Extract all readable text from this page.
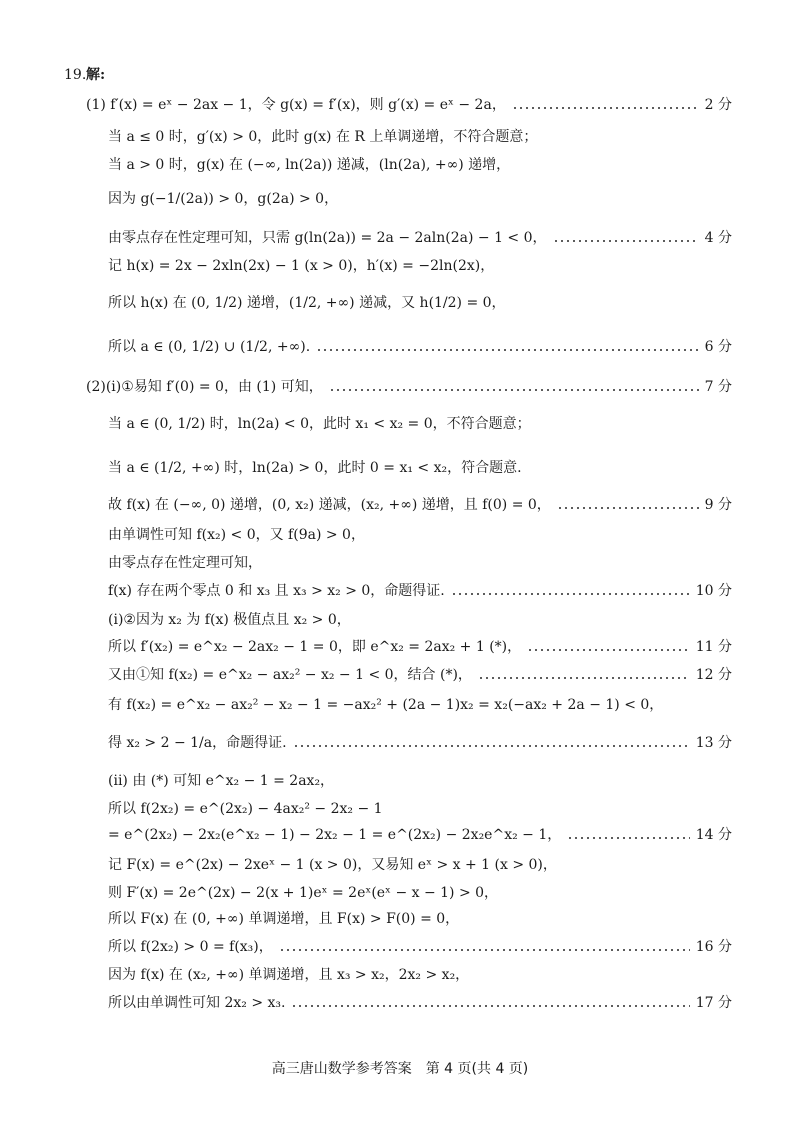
19. 解:
(1) f′(x) = eˣ − 2ax − 1，令 g(x) = f′(x)，则 g′(x) = eˣ − 2a，	2 分
当 a ≤ 0 时，g′(x) > 0，此时 g(x) 在 R 上单调递增，不符合题意；
当 a > 0 时，g(x) 在 (−∞, ln(2a)) 递减，(ln(2a), +∞) 递增，
因为 g(−1/(2a)) > 0，g(2a) > 0，
由零点存在性定理可知，只需 g(ln(2a)) = 2a − 2aln(2a) − 1 < 0，	4 分
记 h(x) = 2x − 2xln(2x) − 1 (x > 0)，h′(x) = −2ln(2x)，
所以 h(x) 在 (0, 1/2) 递增，(1/2, +∞) 递减，又 h(1/2) = 0，
所以 a ∈ (0, 1/2) ∪ (1/2, +∞).	6 分
(2)(i)①易知 f′(0) = 0，由 (1) 可知，	7 分
当 a ∈ (0, 1/2) 时，ln(2a) < 0，此时 x₁ < x₂ = 0，不符合题意；
当 a ∈ (1/2, +∞) 时，ln(2a) > 0，此时 0 = x₁ < x₂，符合题意.
故 f(x) 在 (−∞, 0) 递增，(0, x₂) 递减，(x₂, +∞) 递增，且 f(0) = 0，	9 分
由单调性可知 f(x₂) < 0，又 f(9a) > 0，
由零点存在性定理可知，
f(x) 存在两个零点 0 和 x₃ 且 x₃ > x₂ > 0，命题得证.	10 分
(i)②因为 x₂ 为 f(x) 极值点且 x₂ > 0，
所以 f′(x₂) = e^x₂ − 2ax₂ − 1 = 0，即 e^x₂ = 2ax₂ + 1 (*)，	11 分
又由①知 f(x₂) = e^x₂ − ax₂² − x₂ − 1 < 0，结合 (*)，	12 分
有 f(x₂) = e^x₂ − ax₂² − x₂ − 1 = −ax₂² + (2a − 1)x₂ = x₂(−ax₂ + 2a − 1) < 0，
得 x₂ > 2 − 1/a，命题得证.	13 分
(ii) 由 (*) 可知 e^x₂ − 1 = 2ax₂，
所以 f(2x₂) = e^(2x₂) − 4ax₂² − 2x₂ − 1
= e^(2x₂) − 2x₂(e^x₂ − 1) − 2x₂ − 1 = e^(2x₂) − 2x₂e^x₂ − 1，	14 分
记 F(x) = e^(2x) − 2xeˣ − 1 (x > 0)，又易知 eˣ > x + 1 (x > 0)，
则 F′(x) = 2e^(2x) − 2(x + 1)eˣ = 2eˣ(eˣ − x − 1) > 0，
所以 F(x) 在 (0, +∞) 单调递增，且 F(x) > F(0) = 0，
所以 f(2x₂) > 0 = f(x₃)，	16 分
因为 f(x) 在 (x₂, +∞) 单调递增，且 x₃ > x₂，2x₂ > x₂，
所以由单调性可知 2x₂ > x₃.	17 分
高三唐山数学参考答案　第 4 页(共 4 页)
